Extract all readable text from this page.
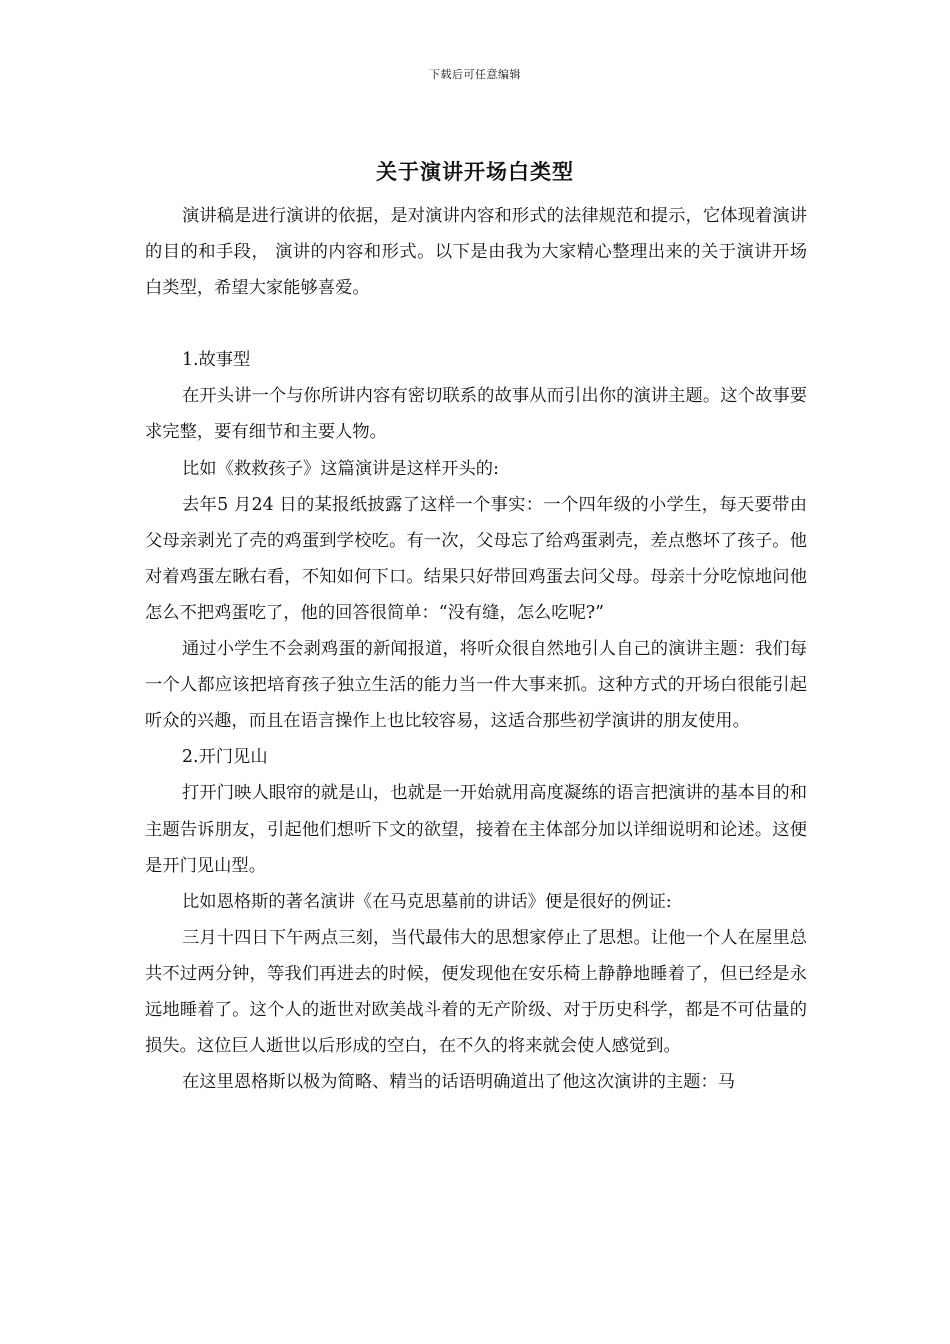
下载后可任意编辑
关于演讲开场白类型

演讲稿是进行演讲的依据，是对演讲内容和形式的法律规范和提示，它体现着演讲的目的和手段， 演讲的内容和形式。以下是由我为大家精心整理出来的关于演讲开场白类型，希望大家能够喜爱。

1.故事型

在开头讲一个与你所讲内容有密切联系的故事从而引出你的演讲主题。这个故事要求完整，要有细节和主要人物。

比如《救救孩子》这篇演讲是这样开头的:

去年5 月24 日的某报纸披露了这样一个事实：一个四年级的小学生，每天要带由父母亲剥光了壳的鸡蛋到学校吃。有一次，父母忘了给鸡蛋剥壳，差点憋坏了孩子。他对着鸡蛋左瞅右看，不知如何下口。结果只好带回鸡蛋去问父母。母亲十分吃惊地问他怎么不把鸡蛋吃了，他的回答很简单：“没有缝，怎么吃呢?”

通过小学生不会剥鸡蛋的新闻报道，将听众很自然地引人自己的演讲主题：我们每一个人都应该把培育孩子独立生活的能力当一件大事来抓。这种方式的开场白很能引起听众的兴趣，而且在语言操作上也比较容易，这适合那些初学演讲的朋友使用。

2.开门见山

打开门映人眼帘的就是山，也就是一开始就用高度凝练的语言把演讲的基本目的和主题告诉朋友，引起他们想听下文的欲望，接着在主体部分加以详细说明和论述。这便是开门见山型。

比如恩格斯的著名演讲《在马克思墓前的讲话》便是很好的例证:

三月十四日下午两点三刻，当代最伟大的思想家停止了思想。让他一个人在屋里总共不过两分钟，等我们再进去的时候，便发现他在安乐椅上静静地睡着了，但已经是永远地睡着了。这个人的逝世对欧美战斗着的无产阶级、对于历史科学，都是不可估量的损失。这位巨人逝世以后形成的空白，在不久的将来就会使人感觉到。

在这里恩格斯以极为简略、精当的话语明确道出了他这次演讲的主题：马
